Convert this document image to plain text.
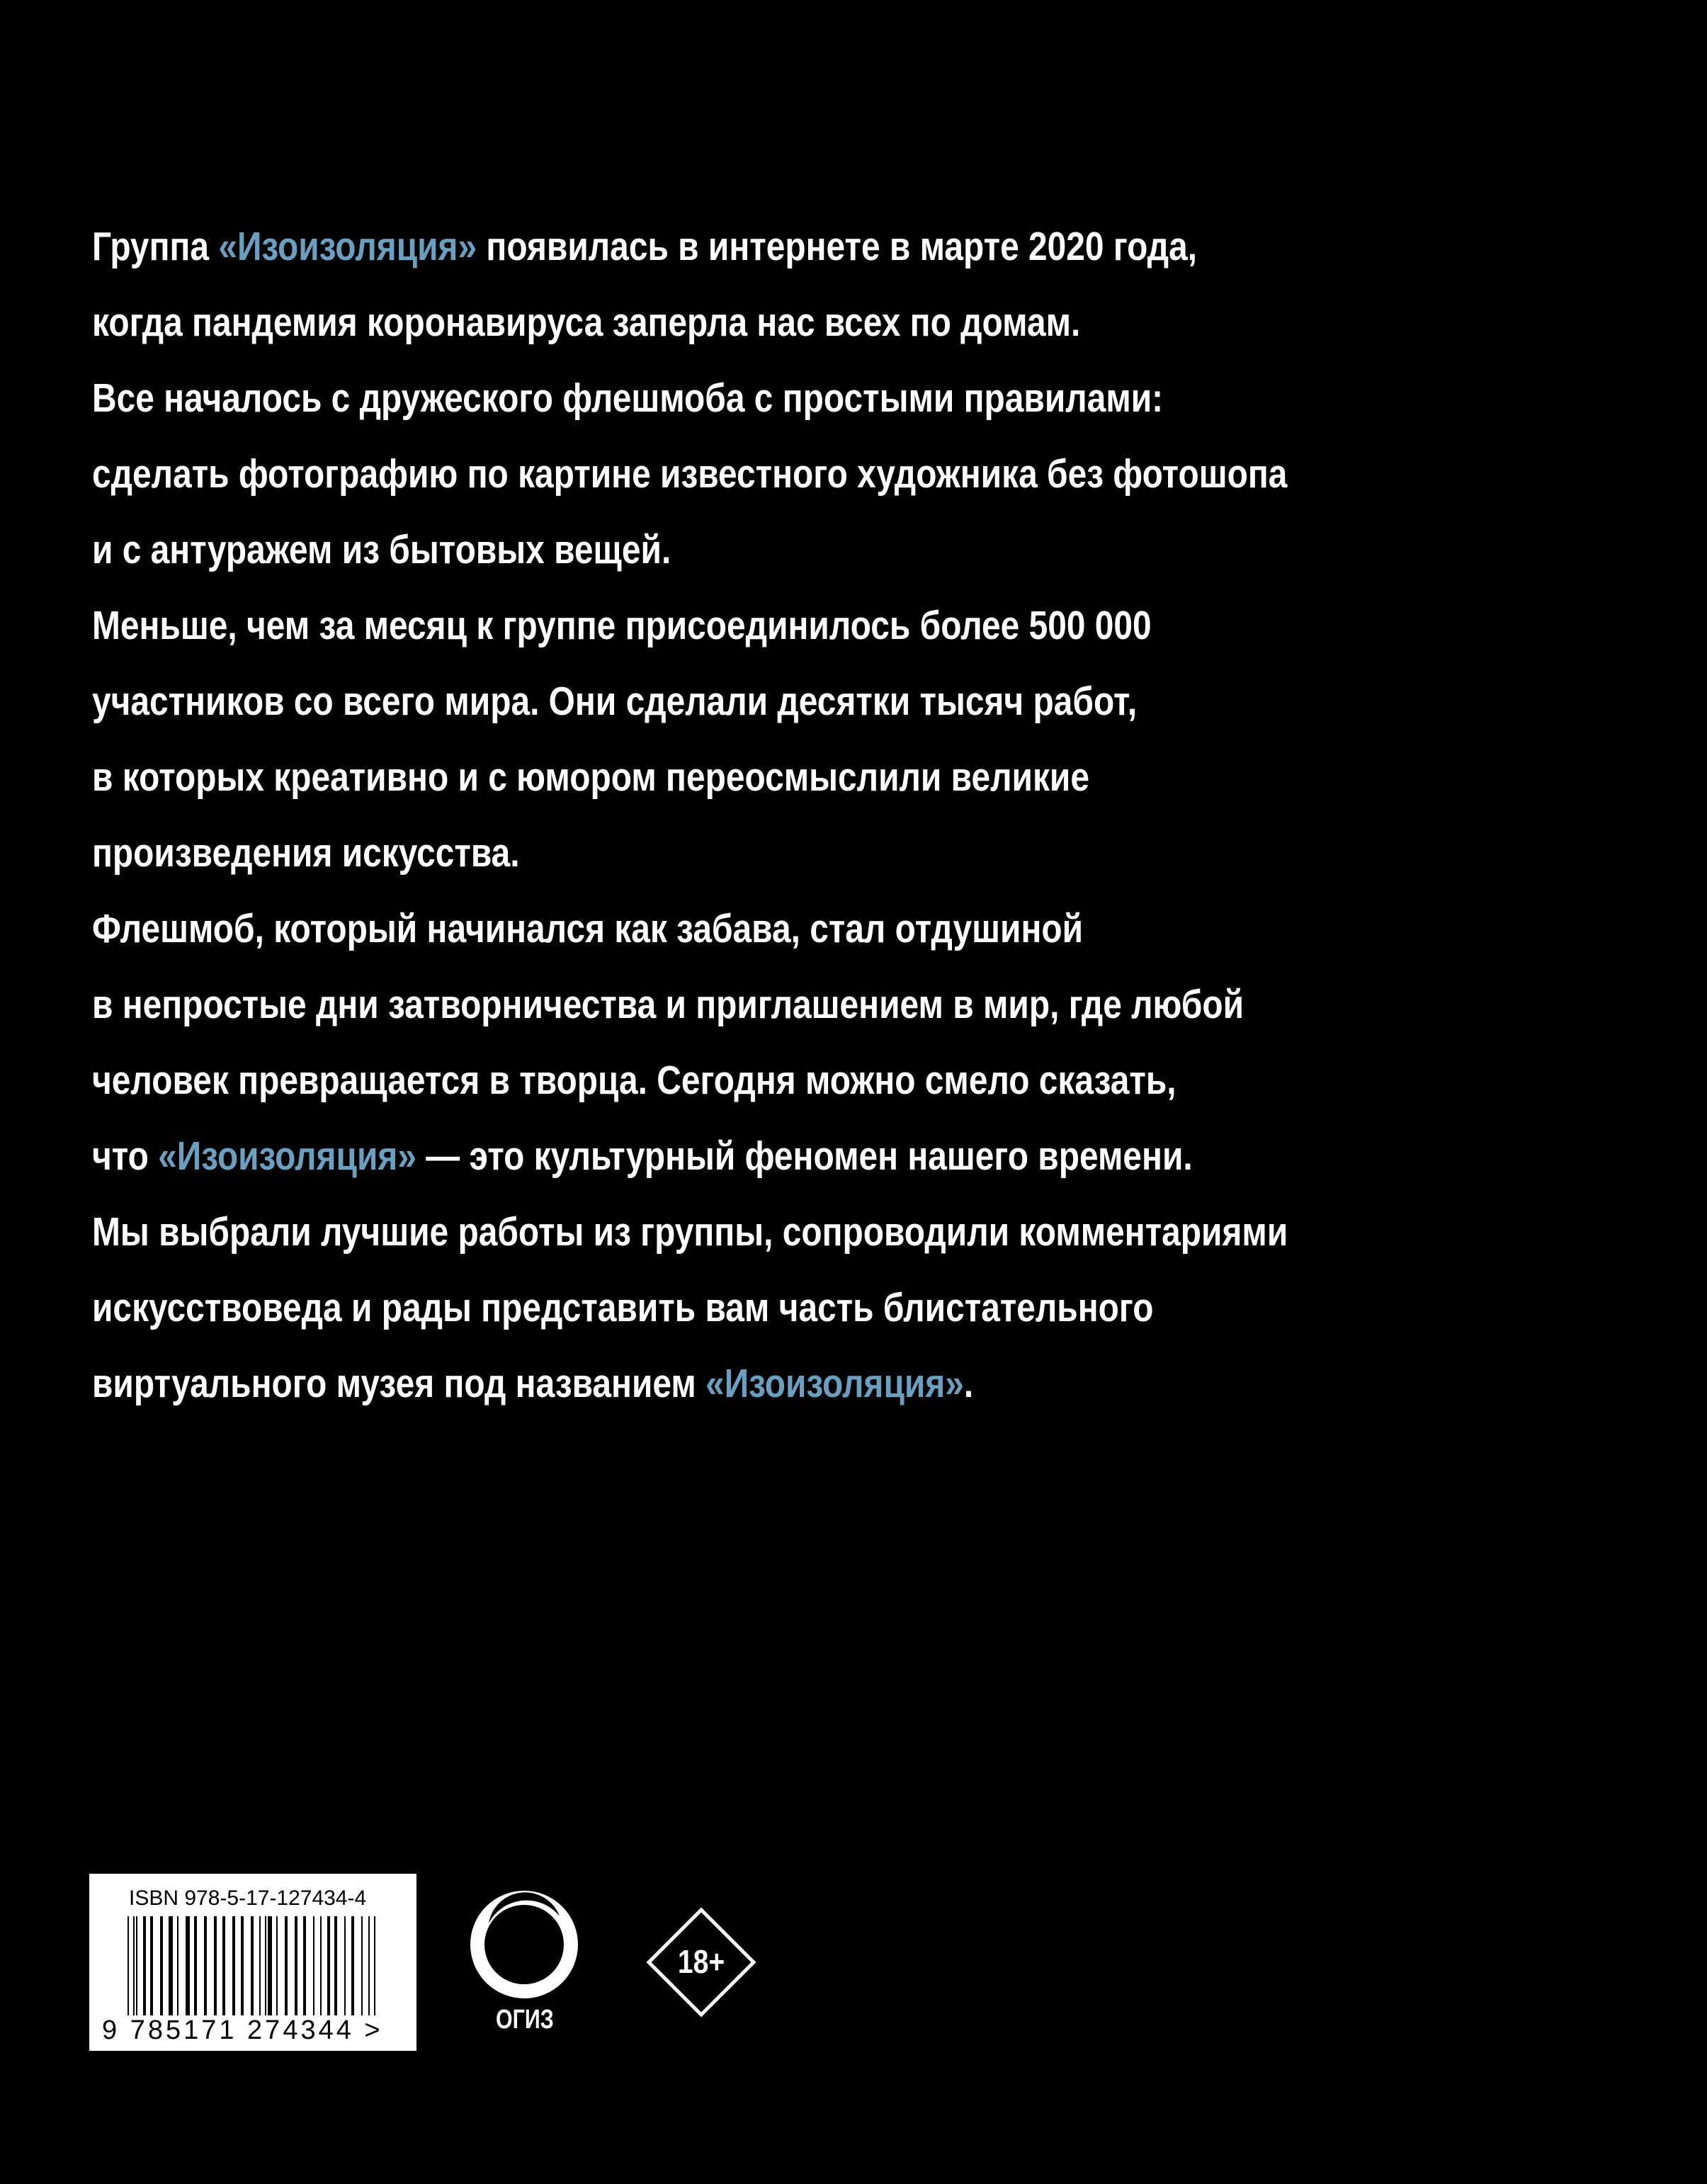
Группа «Изоизоляция» появилась в интернете в марте 2020 года,
когда пандемия коронавируса заперла нас всех по домам.
Все началось с дружеского флешмоба с простыми правилами:
сделать фотографию по картине известного художника без фотошопа
и с антуражем из бытовых вещей.
Меньше, чем за месяц к группе присоединилось более 500 000
участников со всего мира. Они сделали десятки тысяч работ,
в которых креативно и с юмором переосмыслили великие
произведения искусства.
Флешмоб, который начинался как забава, стал отдушиной
в непростые дни затворничества и приглашением в мир, где любой
человек превращается в творца. Сегодня можно смело сказать,
что «Изоизоляция» — это культурный феномен нашего времени.
Мы выбрали лучшие работы из группы, сопроводили комментариями
искусствоведа и рады представить вам часть блистательного
виртуального музея под названием «Изоизоляция».
ISBN 978-5-17-127434-4
9 785171 274344 >	ОГИЗ
18+
